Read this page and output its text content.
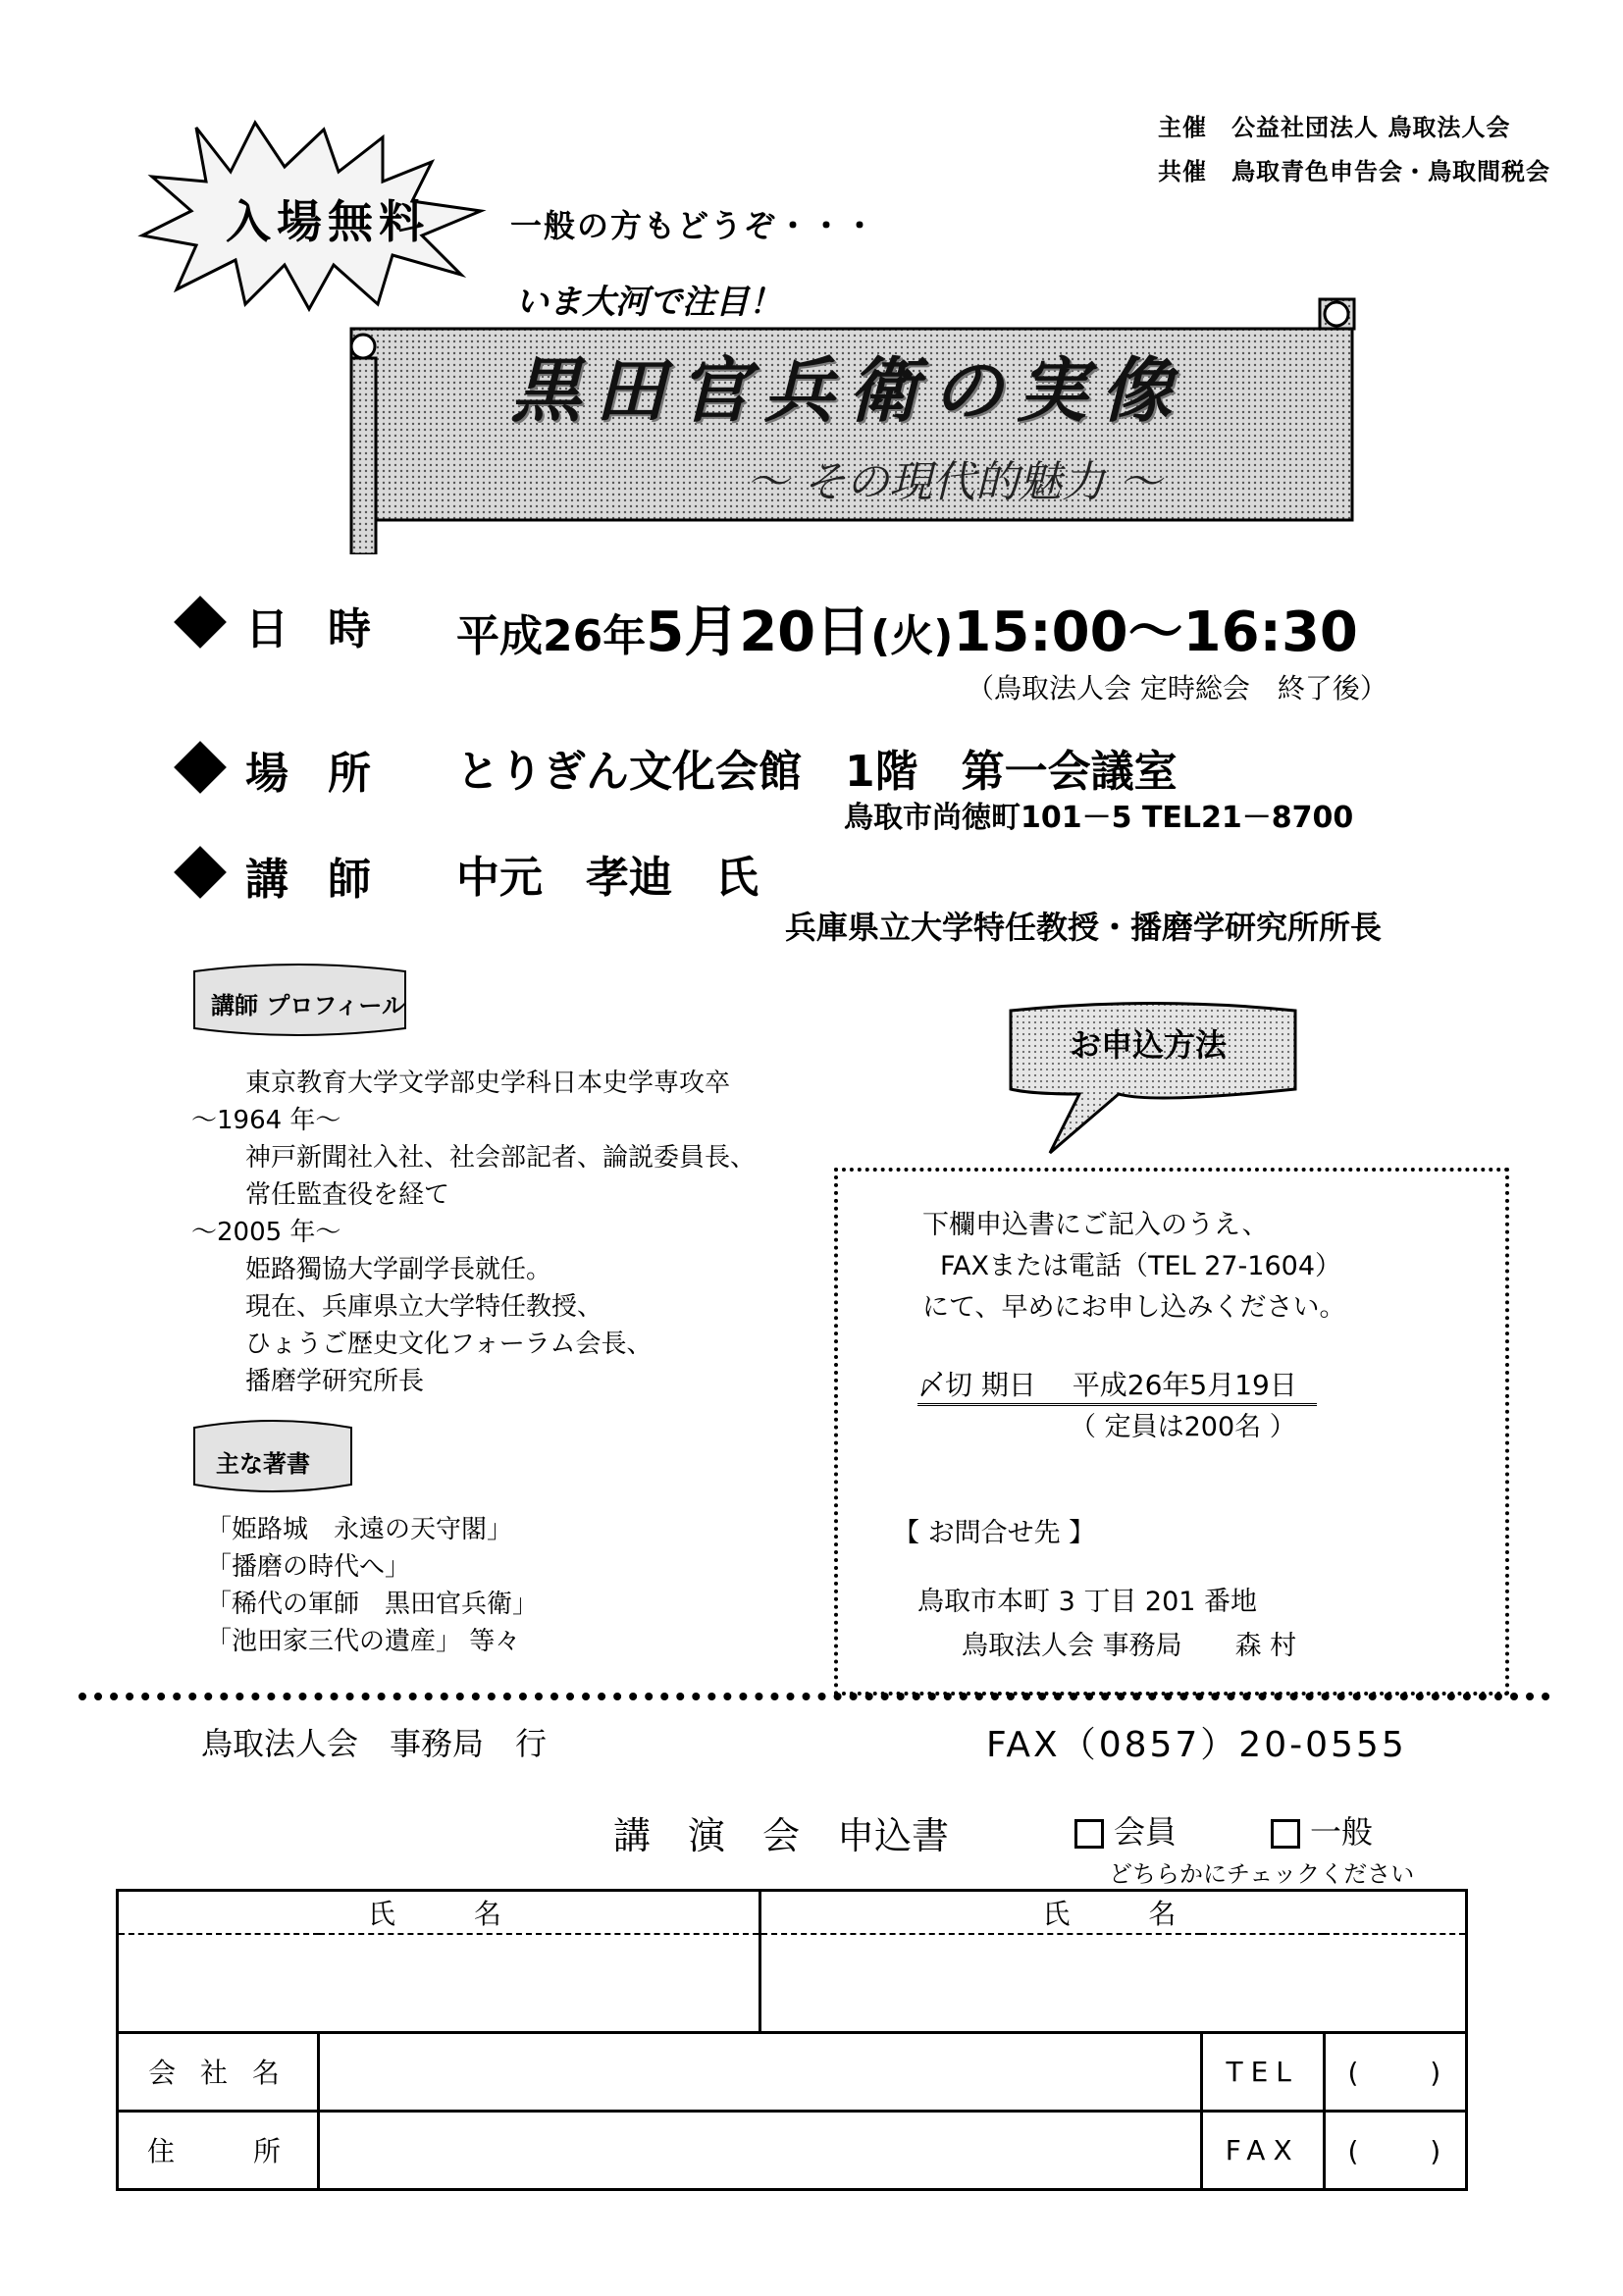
主催　 公益社団法人 鳥取法人会
共催　 鳥取青色申告会・鳥取間税会
入場無料	一般の方もどうぞ・・・
いま大河で注目！
黒田官兵衛の実像
〜 その現代的魅力 〜
日時 平成26年5月20日(火)15:00〜16:30
（鳥取法人会 定時総会　終了後）
場所 とりぎん文化会館　1階　第一会議室
鳥取市尚徳町101－5 TEL21－8700
講師 中元　孝迪　氏
兵庫県立大学特任教授・播磨学研究所所長
講師 プロフィール
東京教育大学文学部史学科日本史学専攻卒
～1964 年～
神戸新聞社入社、社会部記者、論説委員長、
常任監査役を経て
～2005 年～
姫路獨協大学副学長就任。
現在、兵庫県立大学特任教授、
ひょうご歴史文化フォーラム会長、
播磨学研究所長
主な著書
「姫路城　永遠の天守閣」
「播磨の時代へ」
「稀代の軍師　黒田官兵衛」
「池田家三代の遺産」 等々
お申込方法
下欄申込書にご記入のうえ、
FAXまたは電話（TEL 27-1604）
にて、早めにお申し込みください。
〆切 期日　 平成26年5月19日
（ 定員は200名 ）
【 お問合せ先 】
鳥取市本町 3 丁目 201 番地
鳥取法人会 事務局　　森 村
鳥取法人会　事務局　行	FAX（0857）20-0555
講　演　会　申込書	会員	一般
どちらかにチェックください
氏　　名		氏　　名		

会 社 名			TEL	(　　 )
住　　所			FAX	(　　 )
